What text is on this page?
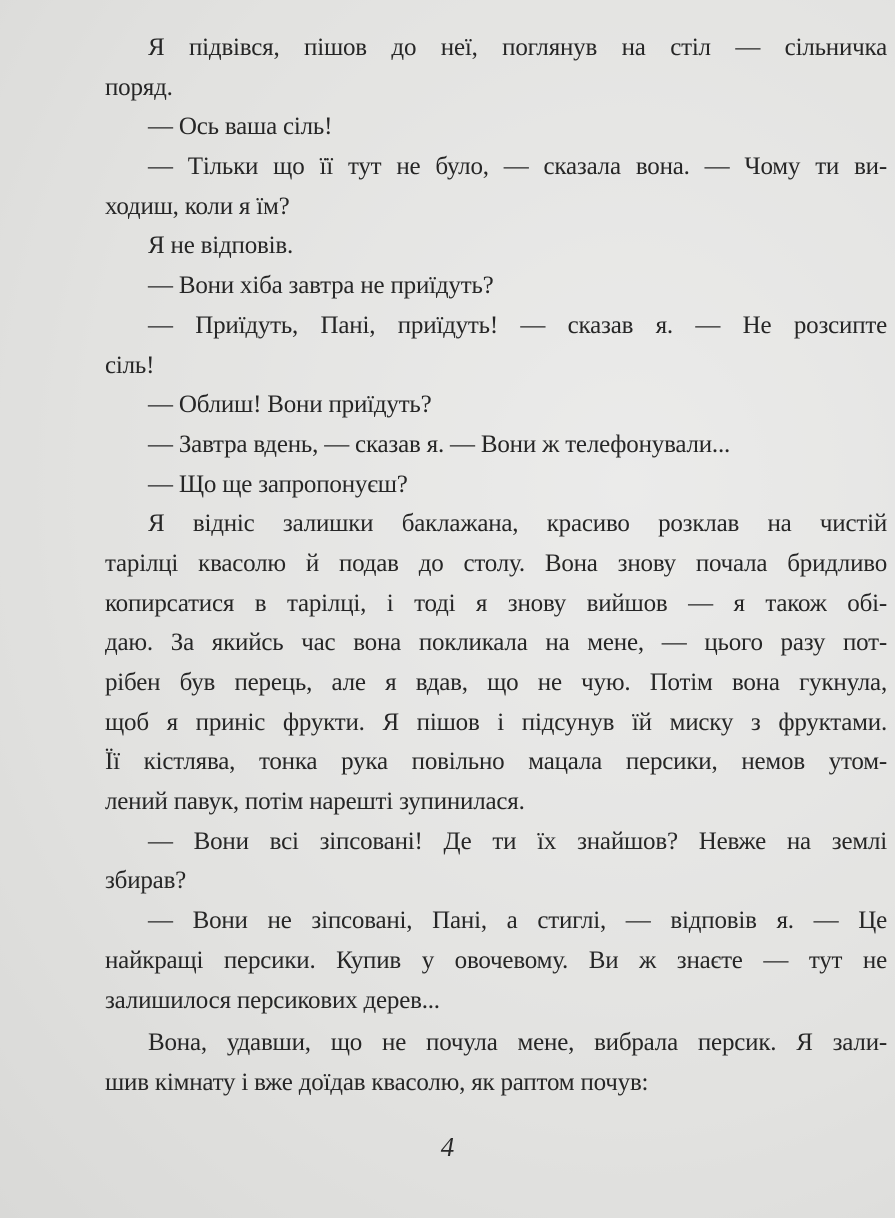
Я підвівся, пішов до неї, поглянув на стіл — сільничка
поряд.
— Ось ваша сіль!
— Тільки що її тут не було, — сказала вона. — Чому ти ви-
ходиш, коли я їм?
Я не відповів.
— Вони хіба завтра не приїдуть?
— Приїдуть, Пані, приїдуть! — сказав я. — Не розсипте
сіль!
— Облиш! Вони приїдуть?
— Завтра вдень, — сказав я. — Вони ж телефонували...
— Що ще запропонуєш?
Я відніс залишки баклажана, красиво розклав на чистій
тарілці квасолю й подав до столу. Вона знову почала бридливо
копирсатися в тарілці, і тоді я знову вийшов — я також обі-
даю. За якийсь час вона покликала на мене, — цього разу пот-
рібен був перець, але я вдав, що не чую. Потім вона гукнула,
щоб я приніс фрукти. Я пішов і підсунув їй миску з фруктами.
Її кістлява, тонка рука повільно мацала персики, немов утом-
лений павук, потім нарешті зупинилася.
— Вони всі зіпсовані! Де ти їх знайшов? Невже на землі
збирав?
— Вони не зіпсовані, Пані, а стиглі, — відповів я. — Це
найкращі персики. Купив у овочевому. Ви ж знаєте — тут не
залишилося персикових дерев...
Вона, удавши, що не почула мене, вибрала персик. Я зали-
шив кімнату і вже доїдав квасолю, як раптом почув:
4
